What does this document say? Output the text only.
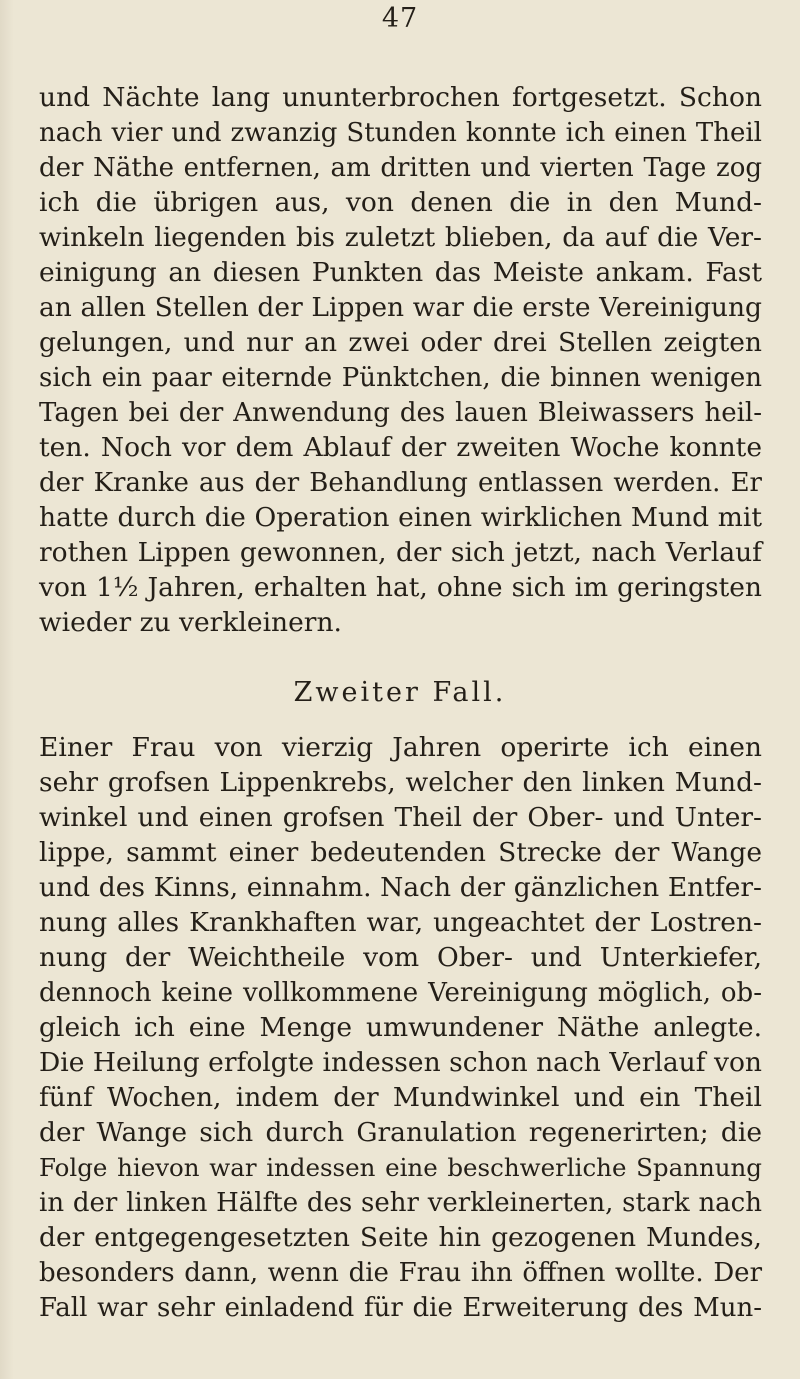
47
und Nächte lang ununterbrochen fortgesetzt. Schon
nach vier und zwanzig Stunden konnte ich einen Theil
der Näthe entfernen, am dritten und vierten Tage zog
ich die übrigen aus, von denen die in den Mund-
winkeln liegenden bis zuletzt blieben, da auf die Ver-
einigung an diesen Punkten das Meiste ankam. Fast
an allen Stellen der Lippen war die erste Vereinigung
gelungen, und nur an zwei oder drei Stellen zeigten
sich ein paar eiternde Pünktchen, die binnen wenigen
Tagen bei der Anwendung des lauen Bleiwassers heil-
ten. Noch vor dem Ablauf der zweiten Woche konnte
der Kranke aus der Behandlung entlassen werden. Er
hatte durch die Operation einen wirklichen Mund mit
rothen Lippen gewonnen, der sich jetzt, nach Verlauf
von 1½ Jahren, erhalten hat, ohne sich im geringsten
wieder zu verkleinern.
Zweiter Fall.
Einer Frau von vierzig Jahren operirte ich einen
sehr grofsen Lippenkrebs, welcher den linken Mund-
winkel und einen grofsen Theil der Ober- und Unter-
lippe, sammt einer bedeutenden Strecke der Wange
und des Kinns, einnahm. Nach der gänzlichen Entfer-
nung alles Krankhaften war, ungeachtet der Lostren-
nung der Weichtheile vom Ober- und Unterkiefer,
dennoch keine vollkommene Vereinigung möglich, ob-
gleich ich eine Menge umwundener Näthe anlegte.
Die Heilung erfolgte indessen schon nach Verlauf von
fünf Wochen, indem der Mundwinkel und ein Theil
der Wange sich durch Granulation regenerirten; die
Folge hievon war indessen eine beschwerliche Spannung
in der linken Hälfte des sehr verkleinerten, stark nach
der entgegengesetzten Seite hin gezogenen Mundes,
besonders dann, wenn die Frau ihn öffnen wollte. Der
Fall war sehr einladend für die Erweiterung des Mun-
